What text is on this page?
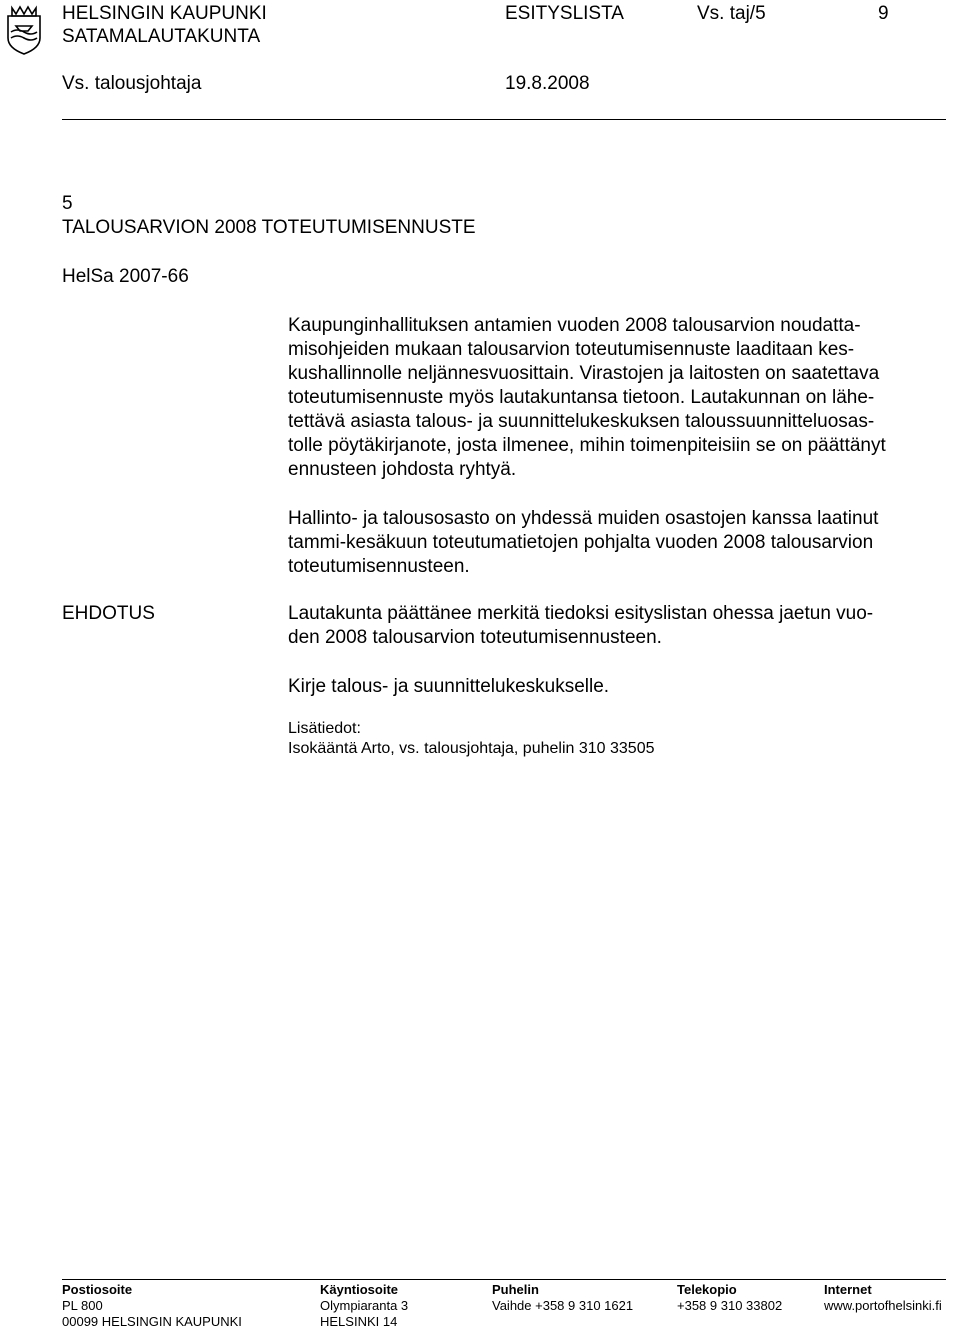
HELSINGIN KAUPUNKI
SATAMALAUTAKUNTA
ESITYSLISTA	Vs. taj/5	9
Vs. talousjohtaja	19.8.2008
5
TALOUSARVION 2008 TOTEUTUMISENNUSTE
HelSa 2007-66
Kaupunginhallituksen antamien vuoden 2008 talousarvion noudatta-
misohjeiden mukaan talousarvion toteutumisennuste laaditaan kes-
kushallinnolle neljännesvuosittain. Virastojen ja laitosten on saatettava
toteutumisennuste myös lautakuntansa tietoon. Lautakunnan on lähe-
tettävä asiasta talous- ja suunnittelukeskuksen taloussuunnitteluosas-
tolle pöytäkirjanote, josta ilmenee, mihin toimenpiteisiin se on päättänyt
ennusteen johdosta ryhtyä.
Hallinto- ja talousosasto on yhdessä muiden osastojen kanssa laatinut
tammi-kesäkuun toteutumatietojen pohjalta vuoden 2008 talousarvion
toteutumisennusteen.
EHDOTUS	Lautakunta päättänee merkitä tiedoksi esityslistan ohessa jaetun vuo-
den 2008 talousarvion toteutumisennusteen.
Kirje talous- ja suunnittelukeskukselle.
Lisätiedot:
Isokääntä Arto, vs. talousjohtaja, puhelin 310 33505
Postiosoite
PL 800
00099 HELSINGIN KAUPUNKI
Käyntiosoite
Olympiaranta 3
HELSINKI 14
Puhelin
Vaihde +358 9 310 1621
Telekopio
+358 9 310 33802
Internet
www.portofhelsinki.fi
